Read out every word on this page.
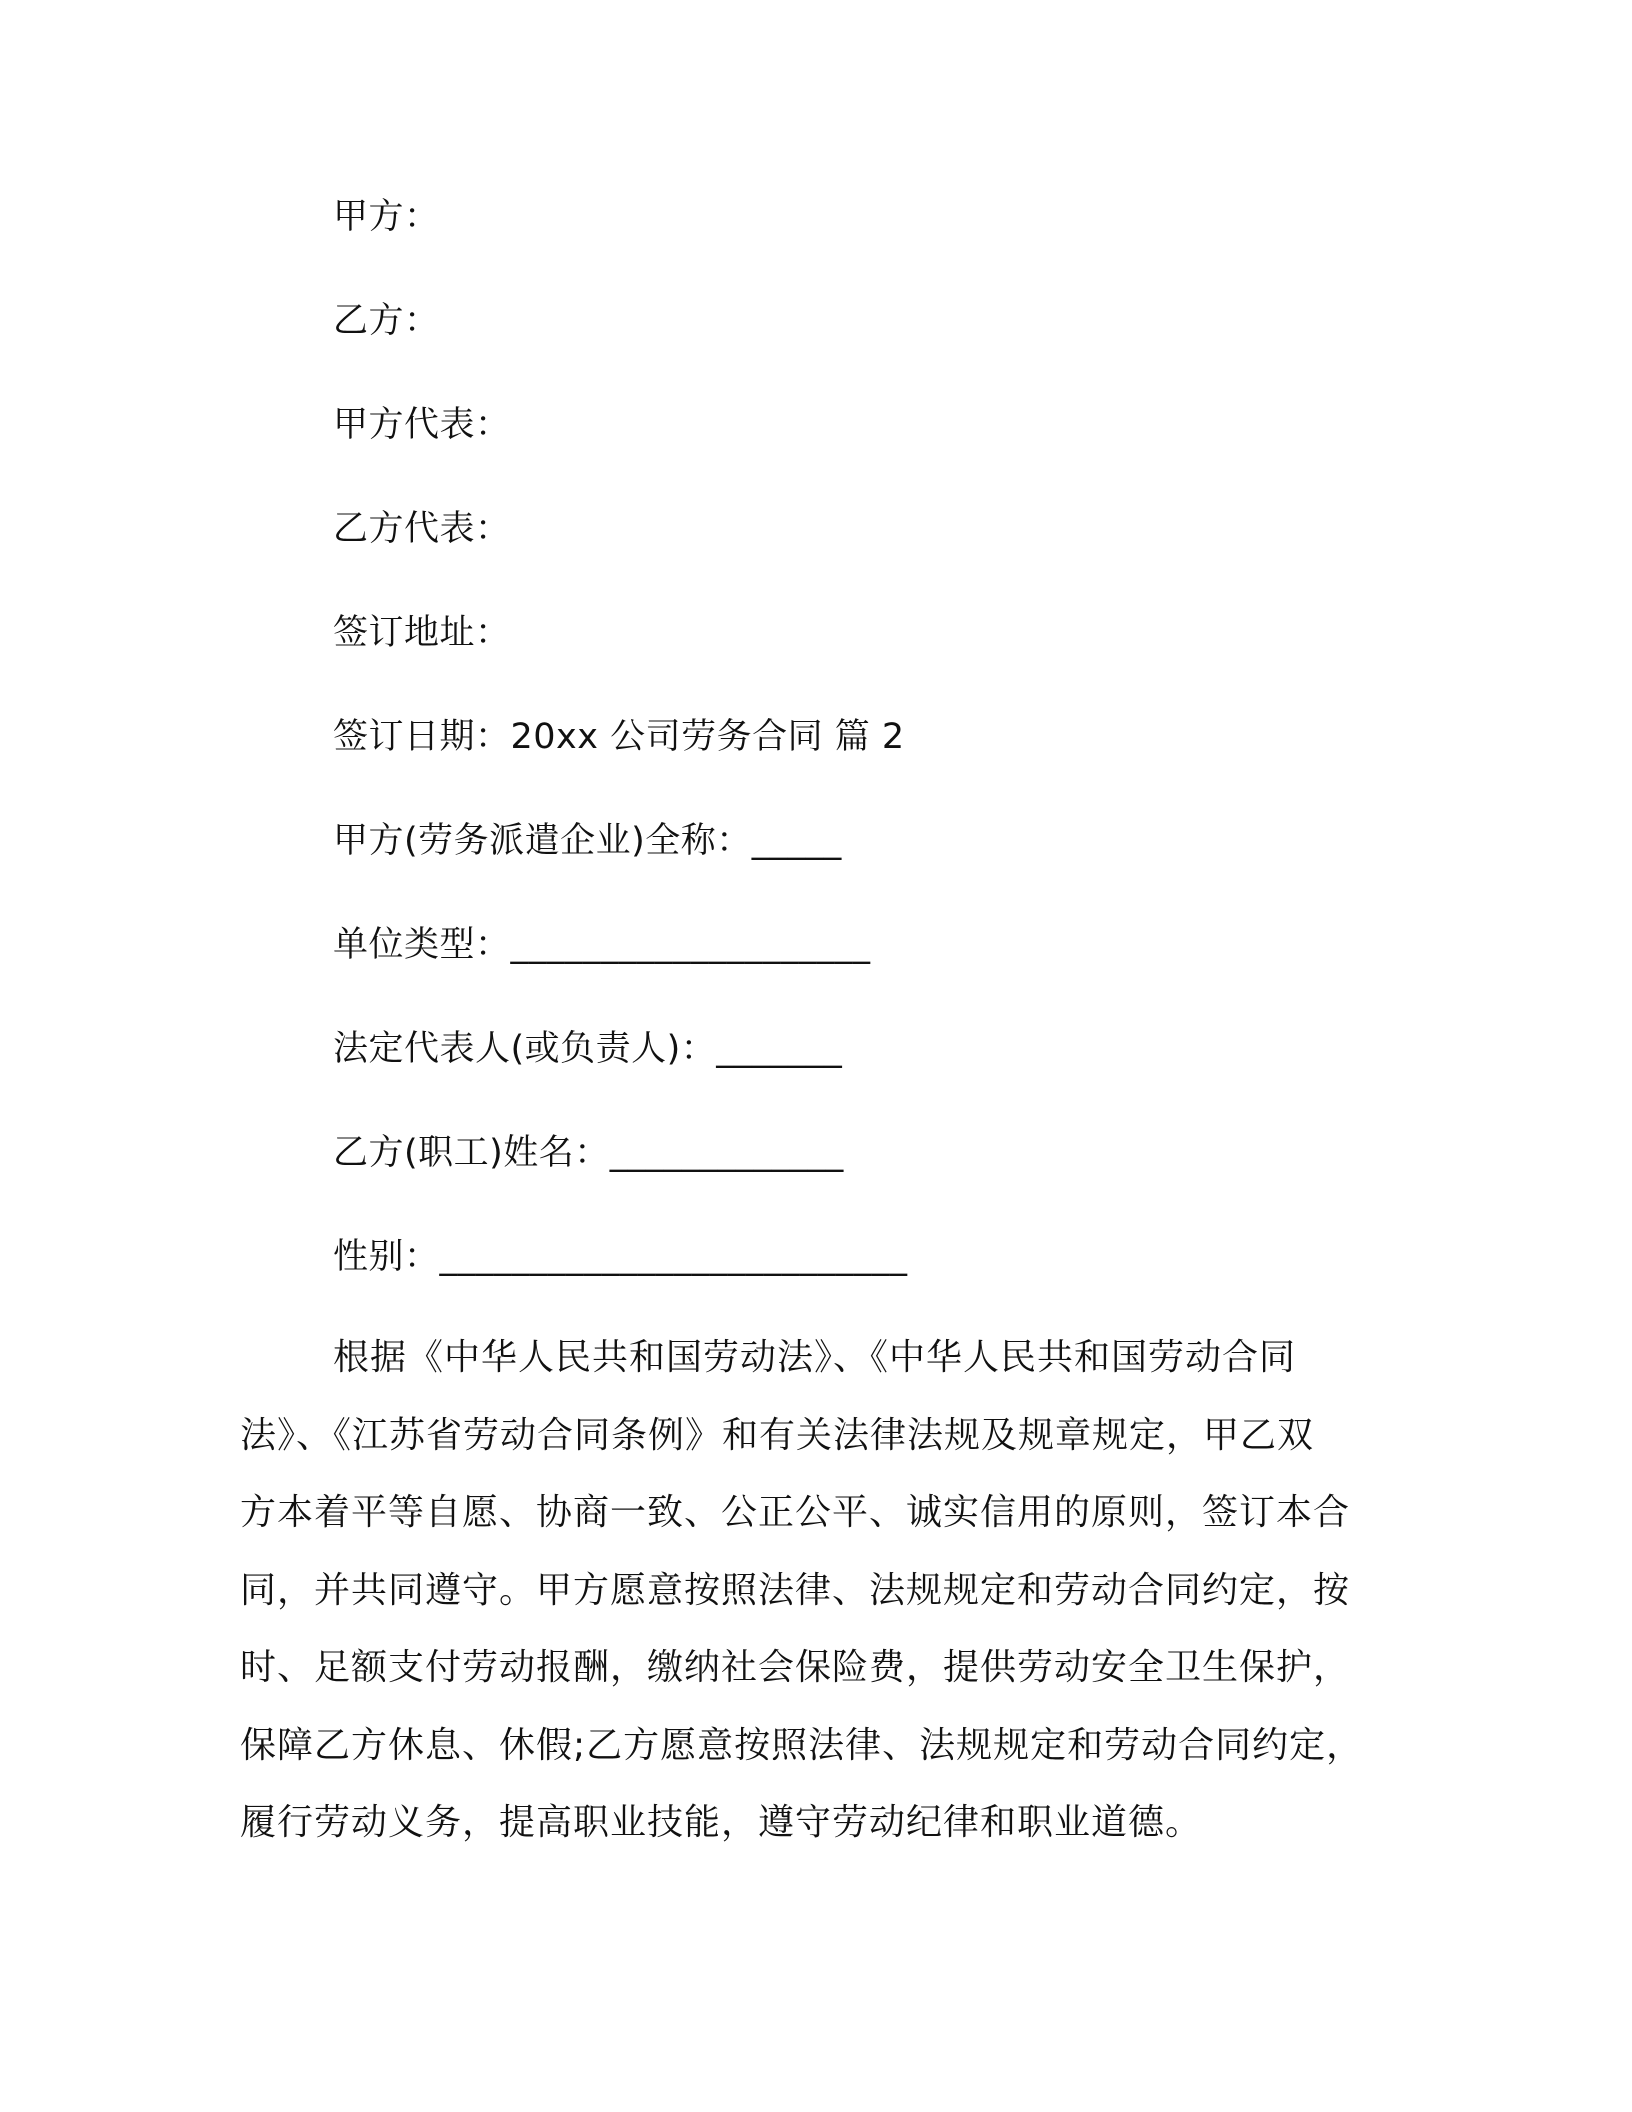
甲方：
乙方：
甲方代表：
乙方代表：
签订地址：
签订日期：20xx 公司劳务合同 篇 2
甲方(劳务派遣企业)全称：_____
单位类型：____________________
法定代表人(或负责人)：_______
乙方(职工)姓名：_____________
性别：__________________________
根据《中华人民共和国劳动法》、《中华人民共和国劳动合同
法》、《江苏省劳动合同条例》和有关法律法规及规章规定，甲乙双
方本着平等自愿、协商一致、公正公平、诚实信用的原则，签订本合
同，并共同遵守。甲方愿意按照法律、法规规定和劳动合同约定，按
时、足额支付劳动报酬，缴纳社会保险费，提供劳动安全卫生保护，
保障乙方休息、休假;乙方愿意按照法律、法规规定和劳动合同约定，
履行劳动义务，提高职业技能，遵守劳动纪律和职业道德。
